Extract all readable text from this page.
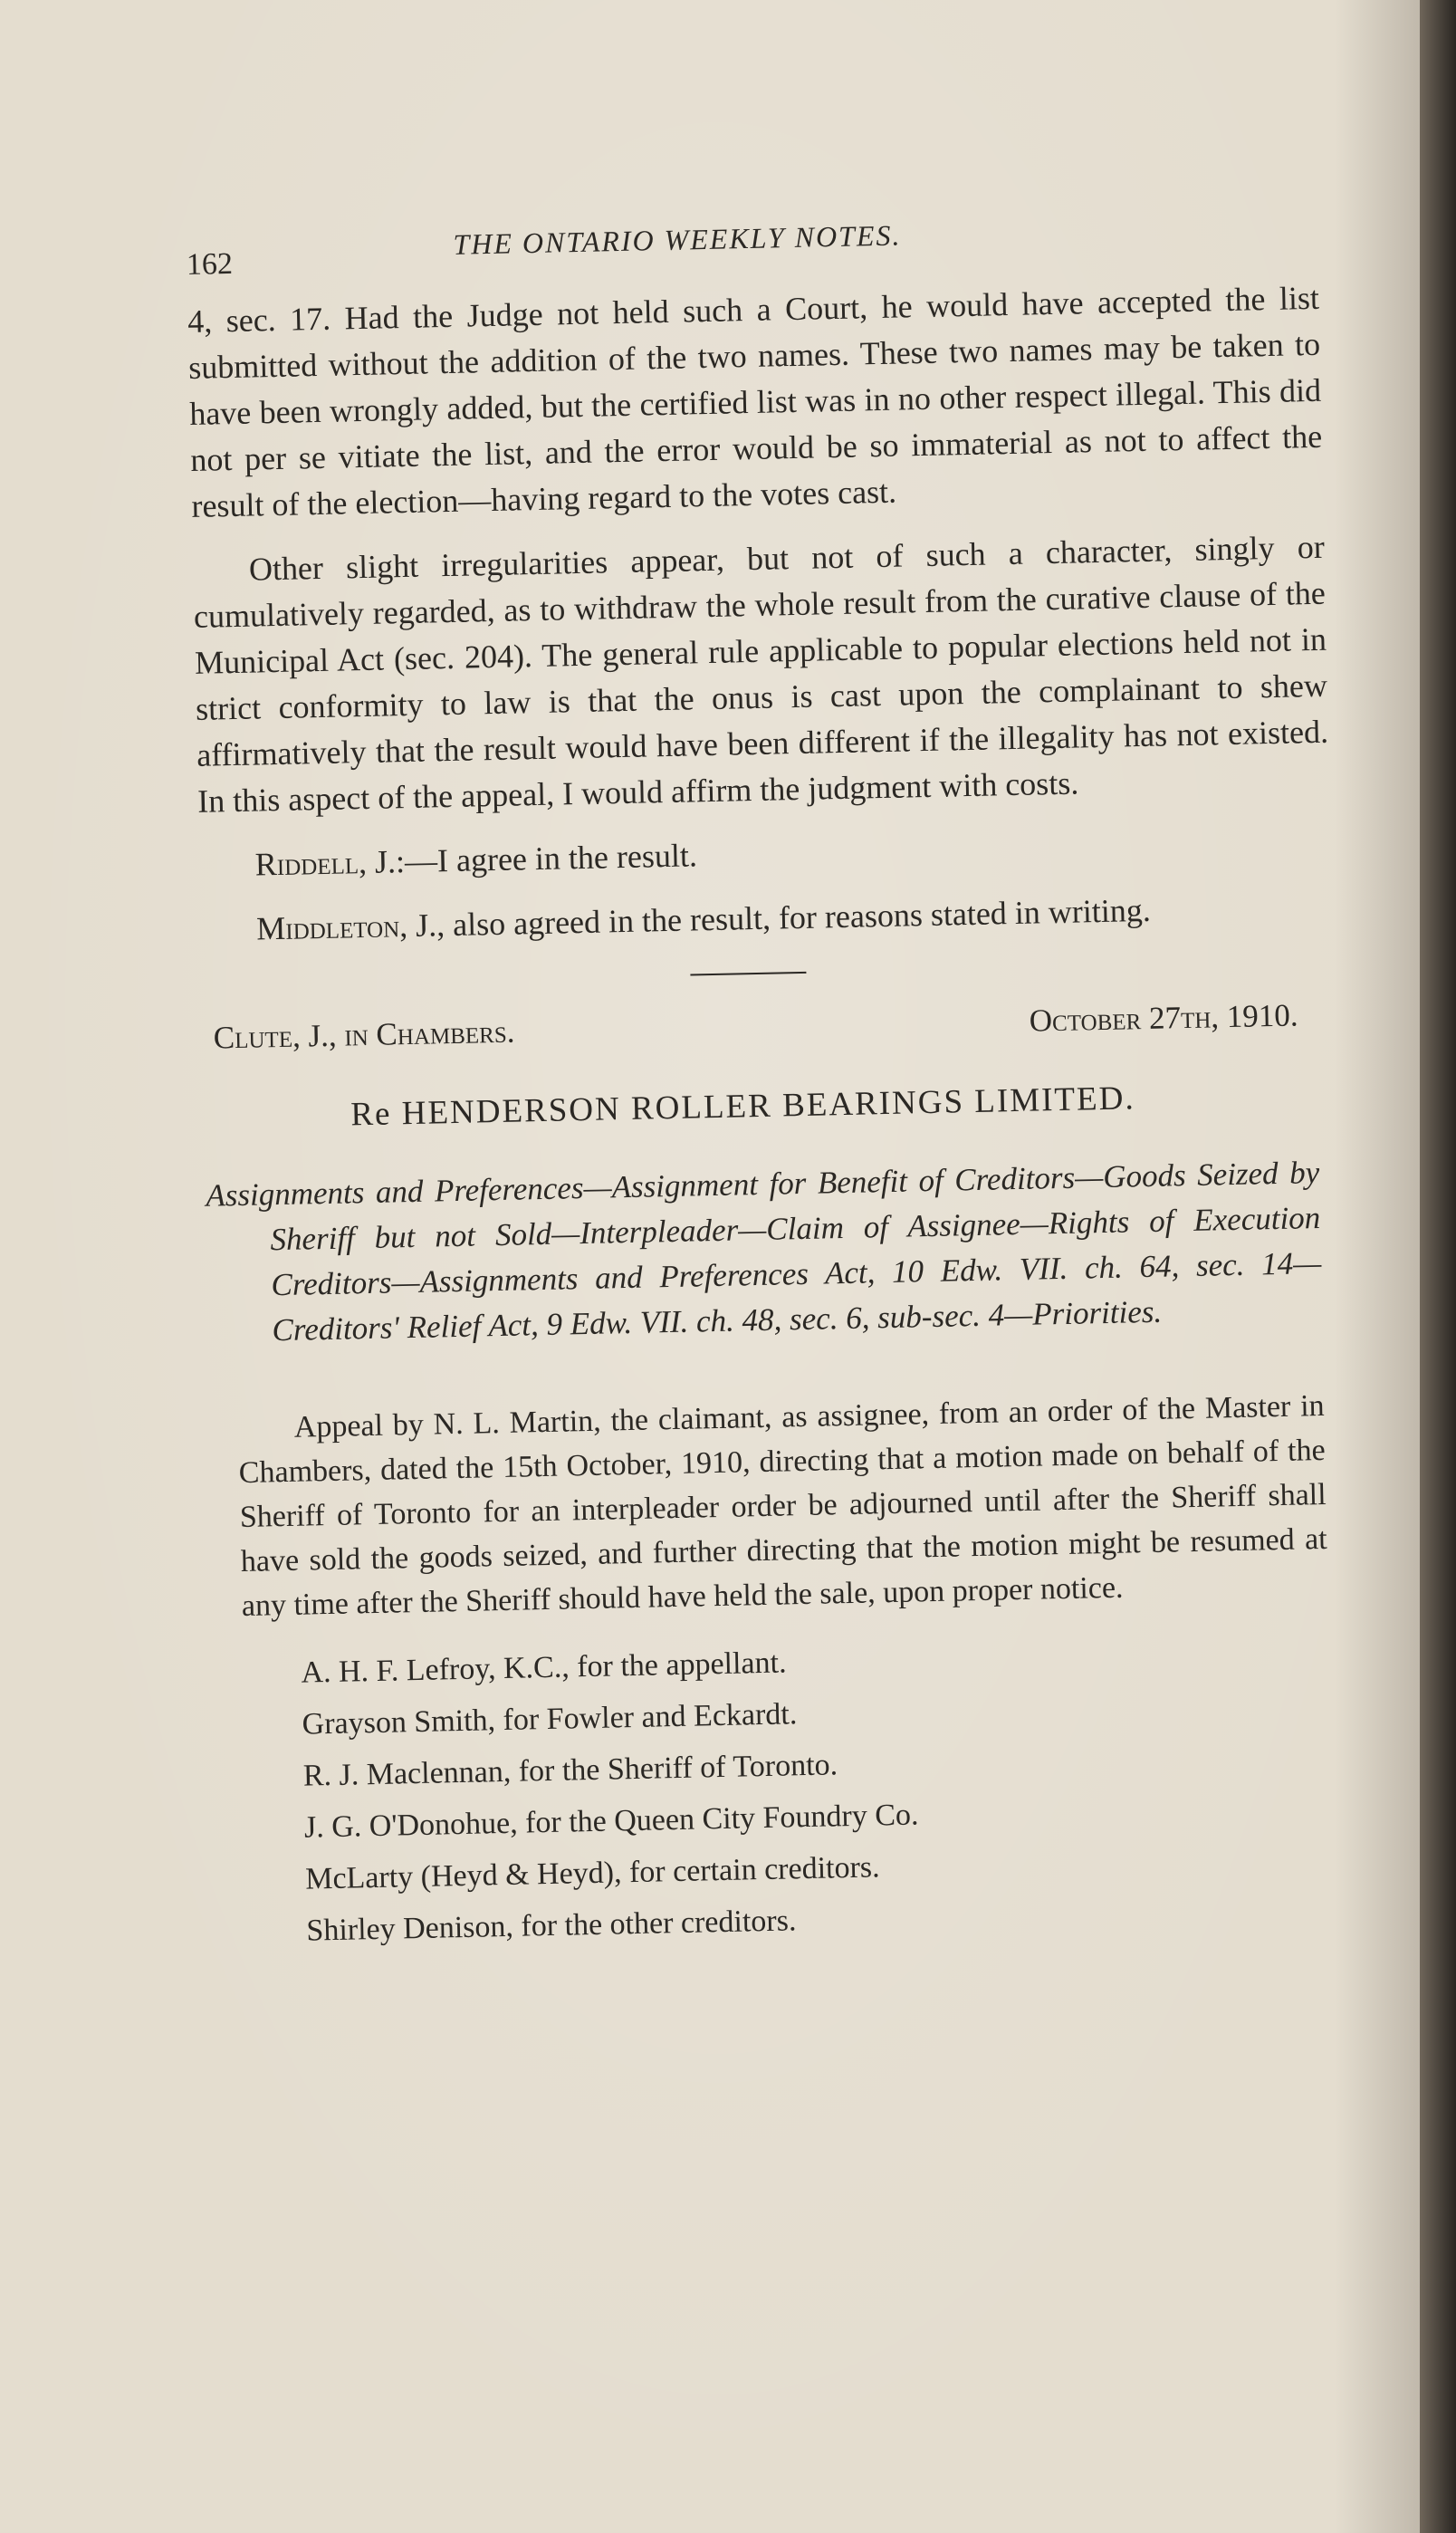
162
THE ONTARIO WEEKLY NOTES.

4, sec. 17. Had the Judge not held such a Court, he would have accepted the list submitted without the addition of the two names. These two names may be taken to have been wrongly added, but the certified list was in no other respect illegal. This did not per se vitiate the list, and the error would be so immaterial as not to affect the result of the election—having regard to the votes cast.

Other slight irregularities appear, but not of such a character, singly or cumulatively regarded, as to withdraw the whole result from the curative clause of the Municipal Act (sec. 204). The general rule applicable to popular elections held not in strict conformity to law is that the onus is cast upon the complainant to shew affirmatively that the result would have been different if the illegality has not existed. In this aspect of the appeal, I would affirm the judgment with costs.

Riddell, J.:—I agree in the result.

Middleton, J., also agreed in the result, for reasons stated in writing.

Clute, J., in Chambers.	October 27th, 1910.
Re HENDERSON ROLLER BEARINGS LIMITED.

Assignments and Preferences—Assignment for Benefit of Creditors—Goods Seized by Sheriff but not Sold—Interpleader—Claim of Assignee—Rights of Execution Creditors—Assignments and Preferences Act, 10 Edw. VII. ch. 64, sec. 14—Creditors' Relief Act, 9 Edw. VII. ch. 48, sec. 6, sub-sec. 4—Priorities.

Appeal by N. L. Martin, the claimant, as assignee, from an order of the Master in Chambers, dated the 15th October, 1910, directing that a motion made on behalf of the Sheriff of Toronto for an interpleader order be adjourned until after the Sheriff shall have sold the goods seized, and further directing that the motion might be resumed at any time after the Sheriff should have held the sale, upon proper notice.

A. H. F. Lefroy, K.C., for the appellant.
Grayson Smith, for Fowler and Eckardt.
R. J. Maclennan, for the Sheriff of Toronto.
J. G. O'Donohue, for the Queen City Foundry Co.
McLarty (Heyd & Heyd), for certain creditors.
Shirley Denison, for the other creditors.
